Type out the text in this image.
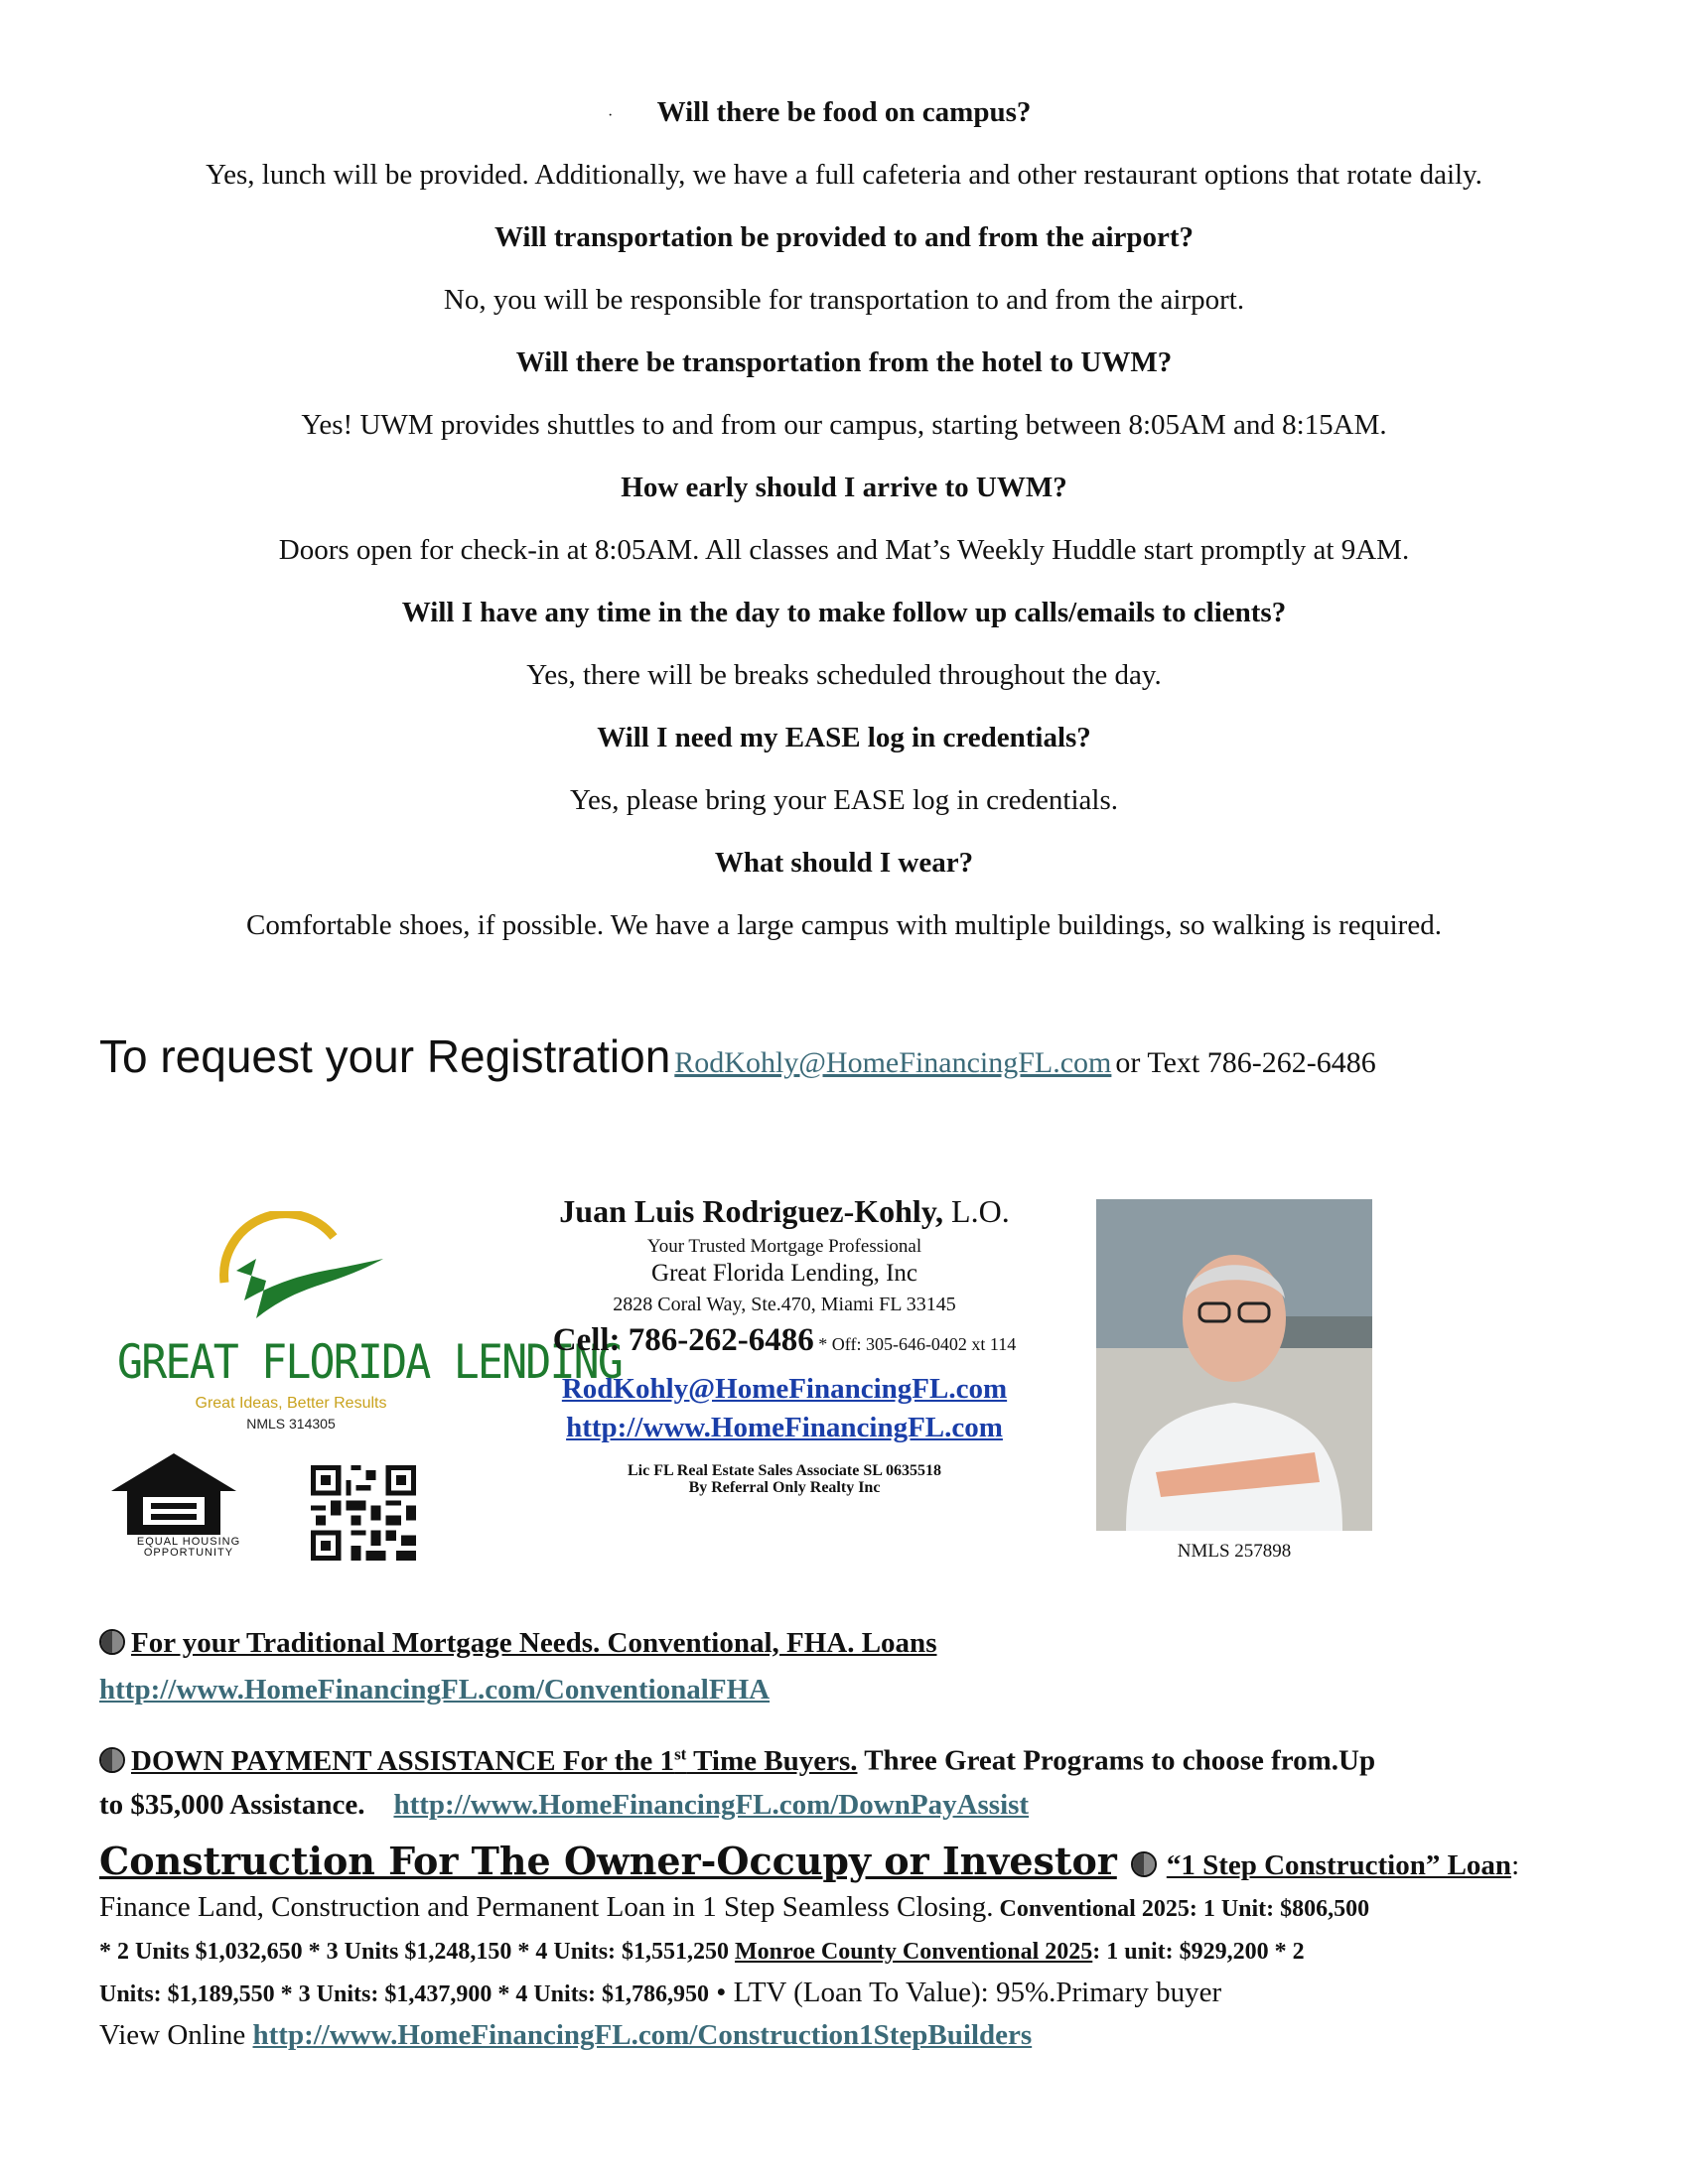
·	Will there be food on campus?

Yes, lunch will be provided. Additionally, we have a full cafeteria and other restaurant options that rotate daily.

Will transportation be provided to and from the airport?

No, you will be responsible for transportation to and from the airport.

Will there be transportation from the hotel to UWM?

Yes! UWM provides shuttles to and from our campus, starting between 8:05AM and 8:15AM.

How early should I arrive to UWM?

Doors open for check-in at 8:05AM. All classes and Mat’s Weekly Huddle start promptly at 9AM.

Will I have any time in the day to make follow up calls/emails to clients?

Yes, there will be breaks scheduled throughout the day.

Will I need my EASE log in credentials?

Yes, please bring your EASE log in credentials.

What should I wear?

Comfortable shoes, if possible. We have a large campus with multiple buildings, so walking is required.

To request your Registration RodKohly@HomeFinancingFL.com or Text 786-262-6486
GREAT FLORIDA LENDING
Great Ideas, Better Results
NMLS 314305
EQUAL HOUSING OPPORTUNITY
Juan Luis Rodriguez-Kohly, L.O.
Your Trusted Mortgage Professional
Great Florida Lending, Inc
2828 Coral Way, Ste.470, Miami FL 33145
Cell: 786-262-6486 * Off: 305-646-0402 xt 114
RodKohly@HomeFinancingFL.com
http://www.HomeFinancingFL.com
Lic FL Real Estate Sales Associate SL 0635518
By Referral Only Realty Inc
NMLS 257898
For your Traditional Mortgage Needs. Conventional, FHA. Loans
http://www.HomeFinancingFL.com/ConventionalFHA
DOWN PAYMENT ASSISTANCE For the 1st Time Buyers. Three Great Programs to choose from.Up
to $35,000 Assistance. http://www.HomeFinancingFL.com/DownPayAssist
Construction For The Owner-Occupy or Investor “1 Step Construction” Loan:
Finance Land, Construction and Permanent Loan in 1 Step Seamless Closing. Conventional 2025: 1 Unit: $806,500
* 2 Units $1,032,650 * 3 Units $1,248,150 * 4 Units: $1,551,250 Monroe County Conventional 2025: 1 unit: $929,200 * 2
Units: $1,189,550 * 3 Units: $1,437,900 * 4 Units: $1,786,950 • LTV (Loan To Value): 95%.Primary buyer
View Online http://www.HomeFinancingFL.com/Construction1StepBuilders
